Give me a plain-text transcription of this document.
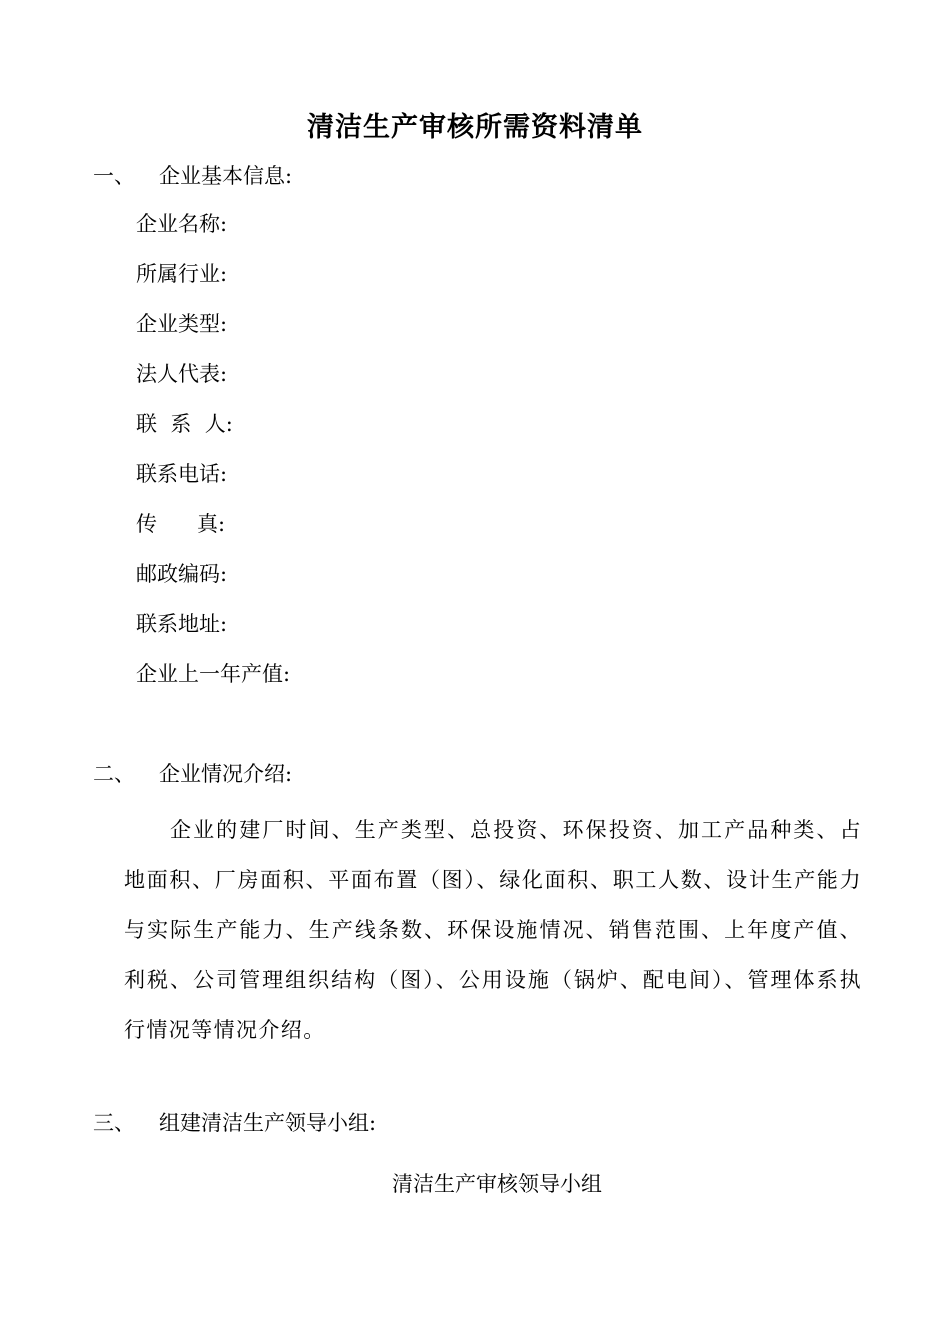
清洁生产审核所需资料清单
一、 企业基本信息:
企业名称:
所属行业:
企业类型:
法人代表:
联  系  人:
联系电话:
传      真:
邮政编码:
联系地址:
企业上一年产值:
二、 企业情况介绍:

企业的建厂时间、生产类型、总投资、环保投资、加工产品种类、占地面积、厂房面积、平面布置（图）、绿化面积、职工人数、设计生产能力与实际生产能力、生产线条数、环保设施情况、销售范围、上年度产值、利税、公司管理组织结构（图）、公用设施（锅炉、配电间）、管理体系执行情况等情况介绍。

三、 组建清洁生产领导小组:
清洁生产审核领导小组
